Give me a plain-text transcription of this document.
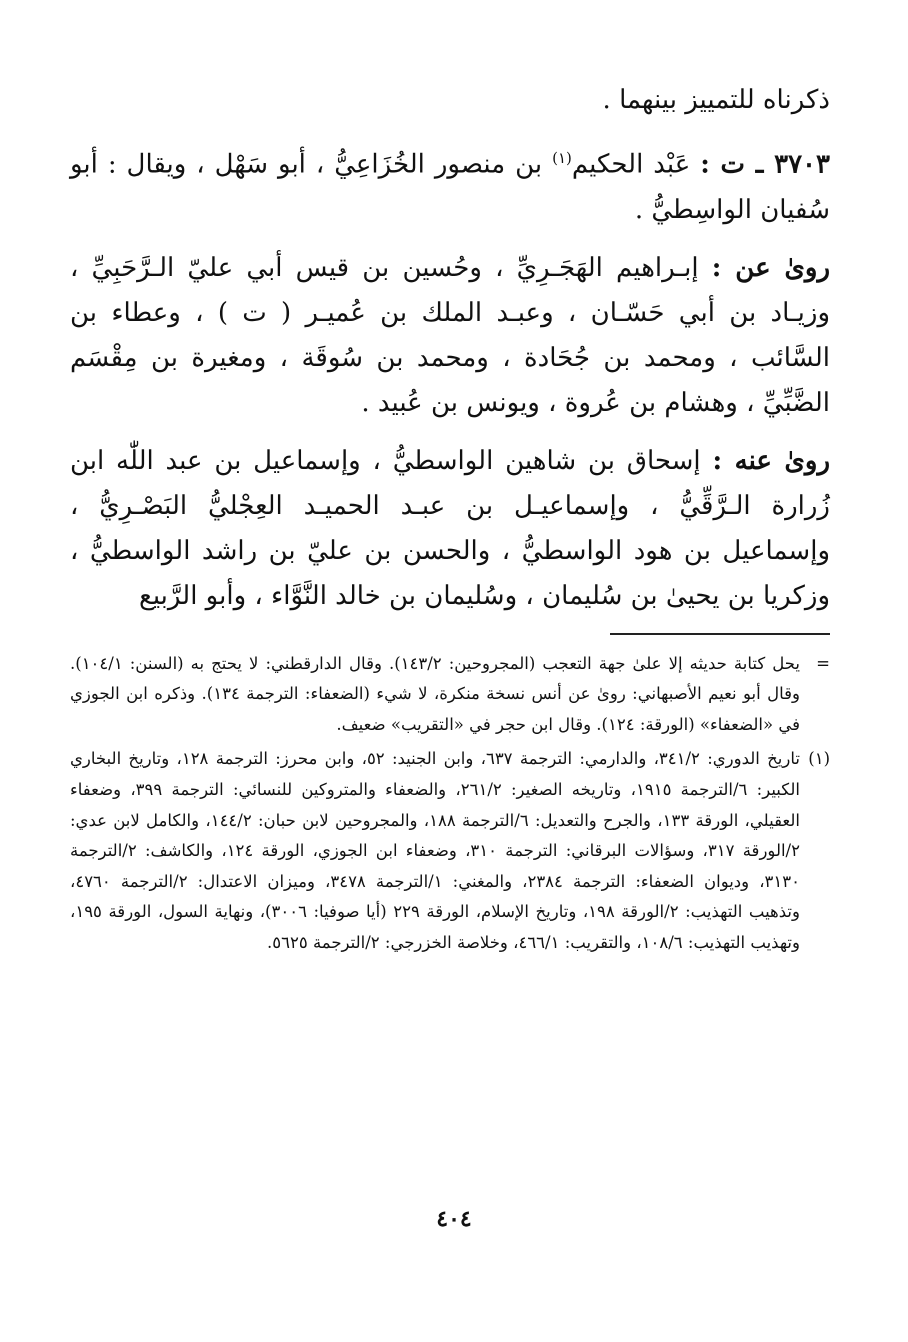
ذكرناه للتمييز بينهما .

٣٧٠٣ ـ ت : عَبْد الحكيم$^{(١)}$ بن منصور الخُزَاعِيُّ ، أبو سَهْل ، ويقال : أبو سُفيان الواسِطيُّ .

روىٰ عن : إبـراهيم الهَجَـرِيِّ ، وحُسين بن قيس أبي عليّ الـرَّحَبِيِّ ، وزيـاد بن أبي حَسّـان ، وعبـد الملك بن عُميـر ( ت ) ، وعطاء بن السَّائب ، ومحمد بن جُحَادة ، ومحمد بن سُوقَة ، ومغيرة بن مِقْسَم الضَّبِّيِّ ، وهشام بن عُروة ، ويونس بن عُبيد .

روىٰ عنه : إسحاق بن شاهين الواسطيُّ ، وإسماعيل بن عبد اللّٰه ابن زُرارة الـرَّقِّيُّ ، وإسماعيـل بن عبـد الحميـد العِجْليُّ البَصْـرِيُّ ، وإسماعيل بن هود الواسطيُّ ، والحسن بن عليّ بن راشد الواسطيُّ ، وزكريا بن يحيىٰ بن سُليمان ، وسُليمان بن خالد النَّوَّاء ، وأبو الرَّبيع

=
يحل كتابة حديثه إلا علىٰ جهة التعجب (المجروحين: ١٤٣/٢). وقال الدارقطني: لا يحتج به (السنن: ١٠٤/١). وقال أبو نعيم الأصبهاني: روىٰ عن أنس نسخة منكرة، لا شيء (الضعفاء: الترجمة ١٣٤). وذكره ابن الجوزي في «الضعفاء» (الورقة: ١٢٤). وقال ابن حجر في «التقريب» ضعيف.
(١)
تاريخ الدوري: ٣٤١/٢، والدارمي: الترجمة ٦٣٧، وابن الجنيد: ٥٢، وابن محرز: الترجمة ١٢٨، وتاريخ البخاري الكبير: ٦/الترجمة ١٩١٥، وتاريخه الصغير: ٢٦١/٢، والضعفاء والمتروكين للنسائي: الترجمة ٣٩٩، وضعفاء العقيلي، الورقة ١٣٣، والجرح والتعديل: ٦/الترجمة ١٨٨، والمجروحين لابن حبان: ١٤٤/٢، والكامل لابن عدي: ٢/الورقة ٣١٧، وسؤالات البرقاني: الترجمة ٣١٠، وضعفاء ابن الجوزي، الورقة ١٢٤، والكاشف: ٢/الترجمة ٣١٣٠، وديوان الضعفاء: الترجمة ٢٣٨٤، والمغني: ١/الترجمة ٣٤٧٨، وميزان الاعتدال: ٢/الترجمة ٤٧٦٠، وتذهيب التهذيب: ٢/الورقة ١٩٨، وتاريخ الإسلام، الورقة ٢٢٩ (أيا صوفيا: ٣٠٠٦)، ونهاية السول، الورقة ١٩٥، وتهذيب التهذيب: ١٠٨/٦، والتقريب: ٤٦٦/١، وخلاصة الخزرجي: ٢/الترجمة ٥٦٢٥.
٤٠٤
